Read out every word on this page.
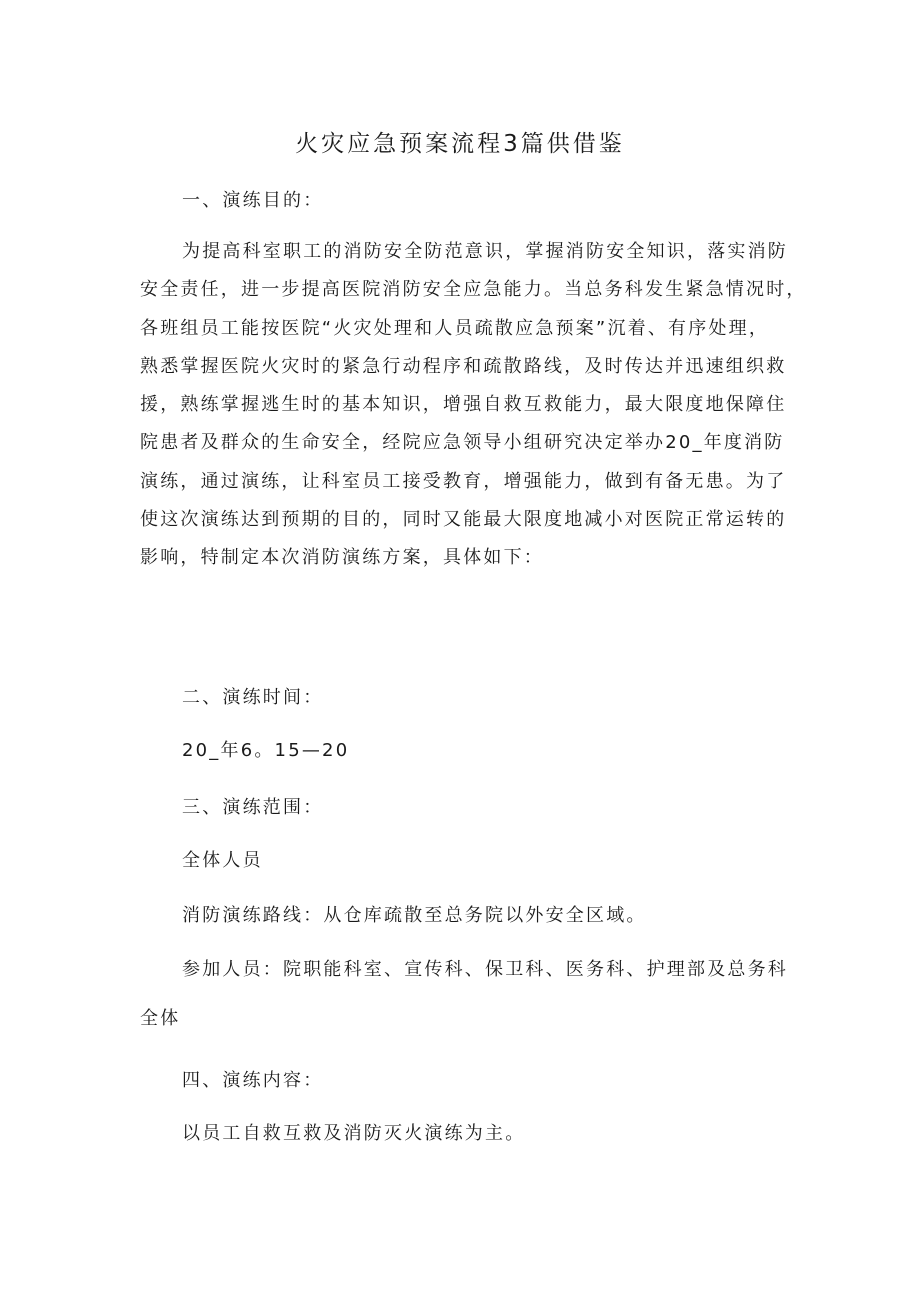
火灾应急预案流程3篇供借鉴

一、演练目的：

为提高科室职工的消防安全防范意识，掌握消防安全知识，落实消防
安全责任，进一步提高医院消防安全应急能力。当总务科发生紧急情况时，
各班组员工能按医院“火灾处理和人员疏散应急预案”沉着、有序处理，
熟悉掌握医院火灾时的紧急行动程序和疏散路线，及时传达并迅速组织救
援，熟练掌握逃生时的基本知识，增强自救互救能力，最大限度地保障住
院患者及群众的生命安全，经院应急领导小组研究决定举办20_年度消防
演练，通过演练，让科室员工接受教育，增强能力，做到有备无患。为了
使这次演练达到预期的目的，同时又能最大限度地减小对医院正常运转的
影响，特制定本次消防演练方案，具体如下：

二、演练时间：

20_年6。15—20

三、演练范围：

全体人员

消防演练路线：从仓库疏散至总务院以外安全区域。

参加人员：院职能科室、宣传科、保卫科、医务科、护理部及总务科
全体

四、演练内容：

以员工自救互救及消防灭火演练为主。
